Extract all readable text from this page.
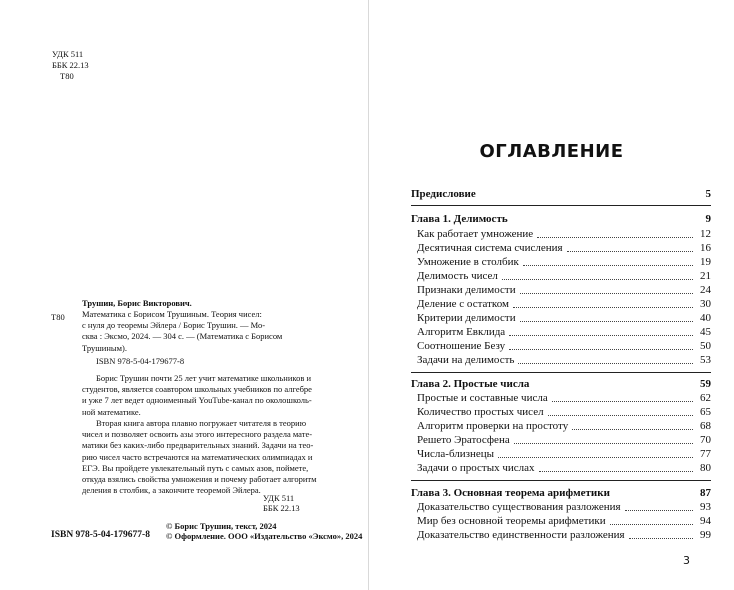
УДК 511
ББК 22.13
Т80
Т80
Трушин, Борис Викторович.
Математика с Борисом Трушиным. Теория чисел:
с нуля до теоремы Эйлера / Борис Трушин. — Мо-
сква : Эксмо, 2024. — 304 с. — (Математика с Борисом
Трушиным).
ISBN 978-5-04-179677-8
Борис Трушин почти 25 лет учит математике школьников и
студентов, является соавтором школьных учебников по алгебре
и уже 7 лет ведет одноименный YouTube-канал по околошколь-
ной математике.
Вторая книга автора плавно погружает читателя в теорию
чисел и позволяет освоить азы этого интересного раздела мате-
матики без каких-либо предварительных знаний. Задачи на тео-
рию чисел часто встречаются на математических олимпиадах и
ЕГЭ. Вы пройдете увлекательный путь с самых азов, поймете,
откуда взялись свойства умножения и почему работает алгоритм
деления в столбик, а закончите теоремой Эйлера.
УДК 511
ББК 22.13
ISBN 978-5-04-179677-8
© Борис Трушин, текст, 2024
© Оформление. ООО «Издательство «Эксмо», 2024
ОГЛАВЛЕНИЕ
Предисловие	5
Глава 1. Делимость	9
Как работает умножение	12
Десятичная система счисления	16
Умножение в столбик	19
Делимость чисел	21
Признаки делимости	24
Деление с остатком	30
Критерии делимости	40
Алгоритм Евклида	45
Соотношение Безу	50
Задачи на делимость	53
Глава 2. Простые числа	59
Простые и составные числа	62
Количество простых чисел	65
Алгоритм проверки на простоту	68
Решето Эратосфена	70
Числа-близнецы	77
Задачи о простых числах	80
Глава 3. Основная теорема арифметики	87
Доказательство существования разложения	93
Мир без основной теоремы арифметики	94
Доказательство единственности разложения	99
3
